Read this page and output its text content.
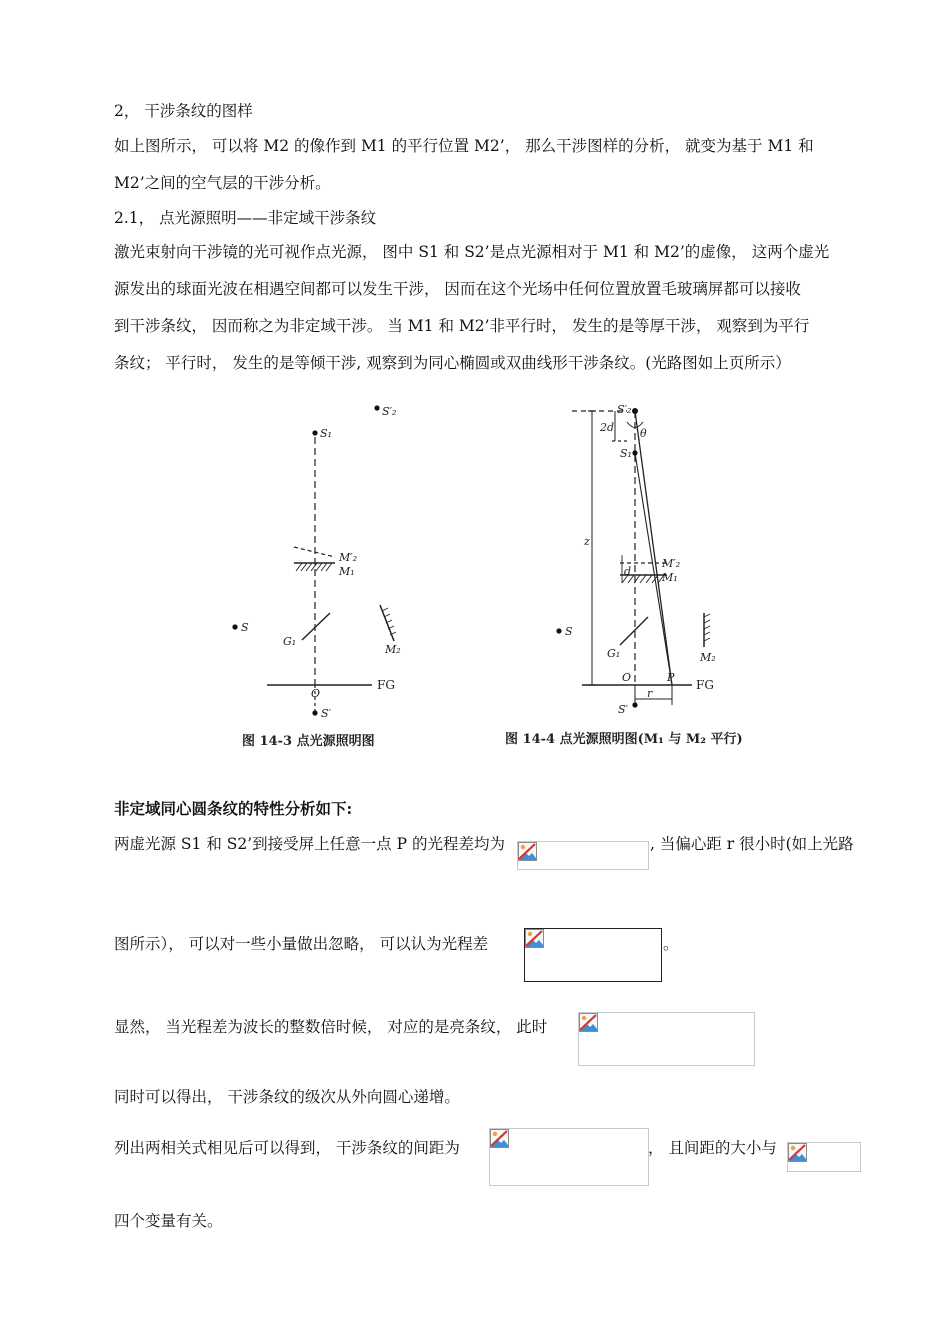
2， 干涉条纹的图样
如上图所示， 可以将 M2 的像作到 M1 的平行位置 M2’， 那么干涉图样的分析， 就变为基于 M1 和
M2’之间的空气层的干涉分析。
2.1， 点光源照明——非定域干涉条纹
激光束射向干涉镜的光可视作点光源， 图中 S1 和 S2’是点光源相对于 M1 和 M2’的虚像， 这两个虚光
源发出的球面光波在相遇空间都可以发生干涉， 因而在这个光场中任何位置放置毛玻璃屏都可以接收
到干涉条纹， 因而称之为非定域干涉。 当 M1 和 M2’非平行时， 发生的是等厚干涉， 观察到为平行
条纹； 平行时， 发生的是等倾干涉, 观察到为同心椭圆或双曲线形干涉条纹。(光路图如上页所示）
S′₂
S₁
M′₂
M₁
S
G₁
M₂
O
S′
S′₂
2d θ
S₁
z
M′₂
d	M₁
S
G₁	M₂
O	P
r
S′
FG	FG
图 14-3 点光源照明图	图 14-4 点光源照明图(M₁ 与 M₂ 平行)
非定域同心圆条纹的特性分析如下:
两虚光源 S1 和 S2’到接受屏上任意一点 P 的光程差均为	, 当偏心距 r 很小时(如上光路
图所示）， 可以对一些小量做出忽略， 可以认为光程差	。
显然， 当光程差为波长的整数倍时候， 对应的是亮条纹， 此时
同时可以得出， 干涉条纹的级次从外向圆心递增。
列出两相关式相见后可以得到， 干涉条纹的间距为	， 且间距的大小与
四个变量有关。
